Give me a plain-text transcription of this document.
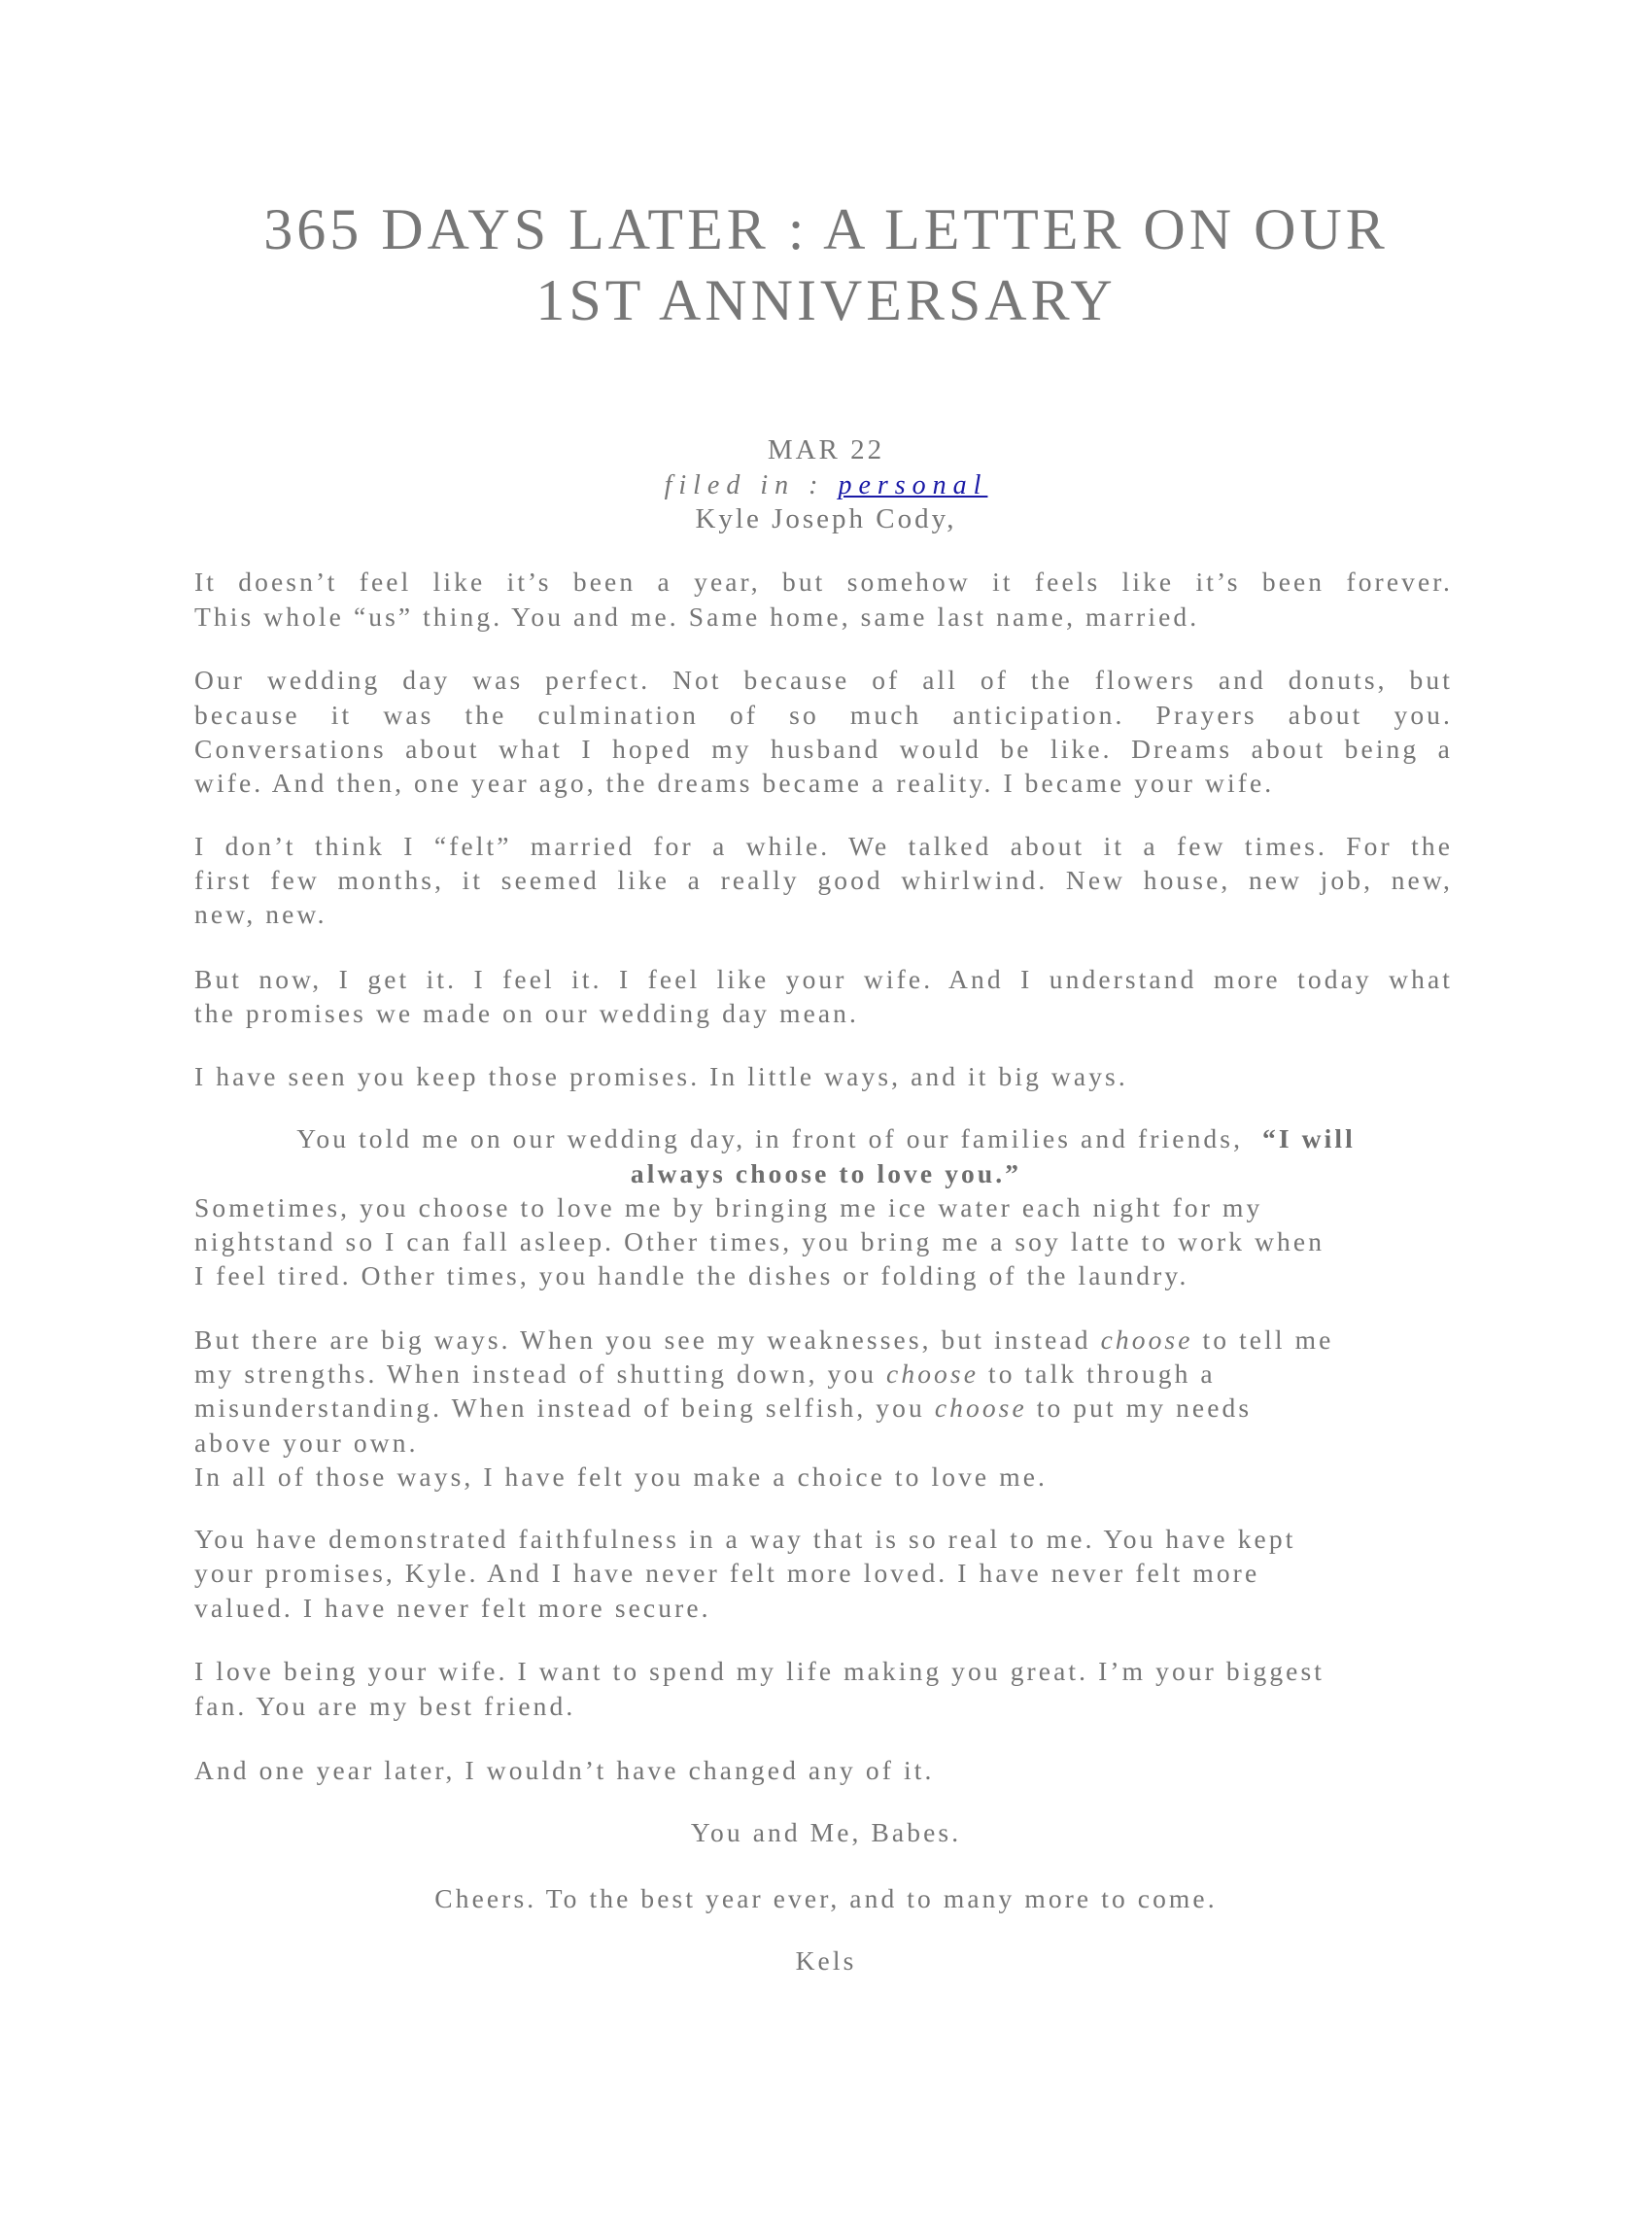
365 DAYS LATER : A LETTER ON OUR
1ST ANNIVERSARY
MAR 22
filed in : personal
Kyle Joseph Cody,
It doesn’t feel like it’s been a year, but somehow it feels like it’s been forever.
This whole “us” thing. You and me. Same home, same last name, married.
Our wedding day was perfect. Not because of all of the flowers and donuts, but
because it was the culmination of so much anticipation. Prayers about you.
Conversations about what I hoped my husband would be like. Dreams about being a
wife. And then, one year ago, the dreams became a reality. I became your wife.
I don’t think I “felt” married for a while. We talked about it a few times. For the
first few months, it seemed like a really good whirlwind. New house, new job, new,
new, new.
But now, I get it. I feel it. I feel like your wife. And I understand more today what
the promises we made on our wedding day mean.
I have seen you keep those promises. In little ways, and it big ways.
You told me on our wedding day, in front of our families and friends, “I will
always choose to love you.”
Sometimes, you choose to love me by bringing me ice water each night for my
nightstand so I can fall asleep. Other times, you bring me a soy latte to work when
I feel tired. Other times, you handle the dishes or folding of the laundry.
But there are big ways. When you see my weaknesses, but instead choose to tell me
my strengths. When instead of shutting down, you choose to talk through a
misunderstanding. When instead of being selfish, you choose to put my needs
above your own.
In all of those ways, I have felt you make a choice to love me.
You have demonstrated faithfulness in a way that is so real to me. You have kept
your promises, Kyle. And I have never felt more loved. I have never felt more
valued. I have never felt more secure.
I love being your wife. I want to spend my life making you great. I’m your biggest
fan. You are my best friend.
And one year later, I wouldn’t have changed any of it.
You and Me, Babes.
Cheers. To the best year ever, and to many more to come.
Kels
